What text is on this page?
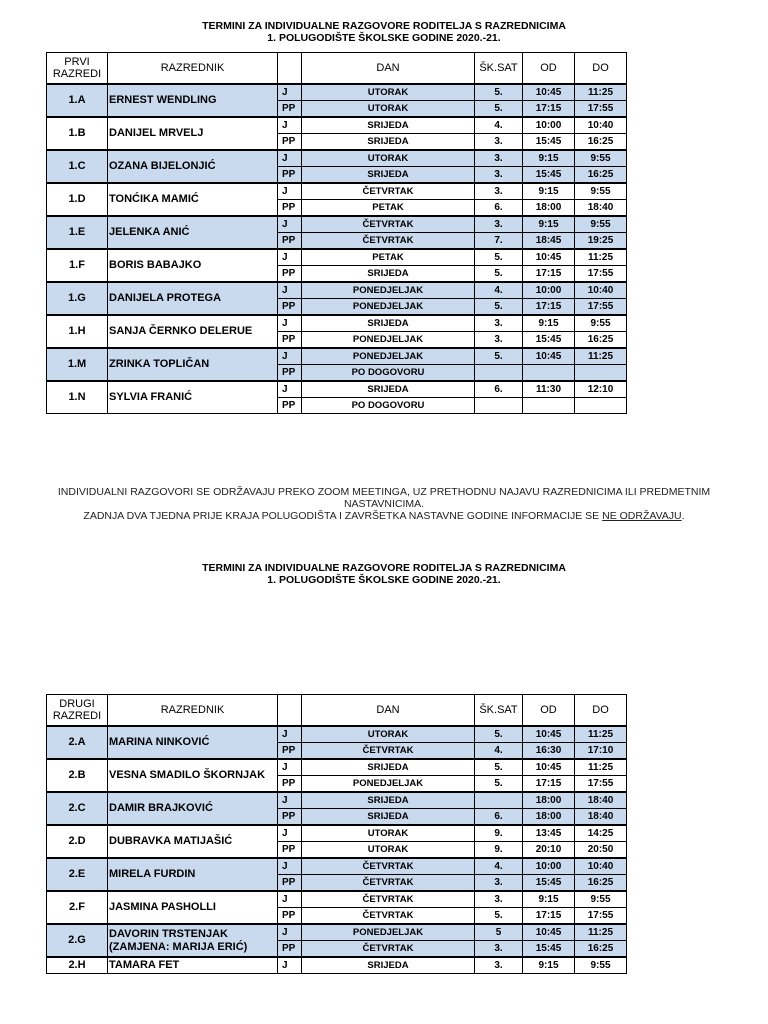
TERMINI ZA INDIVIDUALNE RAZGOVORE RODITELJA S RAZREDNICIMA
1. POLUGODIŠTE ŠKOLSKE GODINE 2020.-21.
PRVI
RAZREDI	RAZREDNIK		DAN	ŠK.SAT	OD	DO
1.A	ERNEST WENDLING	J	UTORAK	5.	10:45	11:25
		PP	UTORAK	5.	17:15	17:55
1.B	DANIJEL MRVELJ	J	SRIJEDA	4.	10:00	10:40
		PP	SRIJEDA	3.	15:45	16:25
1.C	OZANA BIJELONJIĆ	J	UTORAK	3.	9:15	9:55
		PP	SRIJEDA	3.	15:45	16:25
1.D	TONĆIKA MAMIĆ	J	ČETVRTAK	3.	9:15	9:55
		PP	PETAK	6.	18:00	18:40
1.E	JELENKA ANIĆ	J	ČETVRTAK	3.	9:15	9:55
		PP	ČETVRTAK	7.	18:45	19:25
1.F	BORIS BABAJKO	J	PETAK	5.	10:45	11:25
		PP	SRIJEDA	5.	17:15	17:55
1.G	DANIJELA PROTEGA	J	PONEDJELJAK	4.	10:00	10:40
		PP	PONEDJELJAK	5.	17:15	17:55
1.H	SANJA ČERNKO DELERUE	J	SRIJEDA	3.	9:15	9:55
		PP	PONEDJELJAK	3.	15:45	16:25
1.M	ZRINKA TOPLIČAN	J	PONEDJELJAK	5.	10:45	11:25
		PP	PO DOGOVORU			
1.N	SYLVIA FRANIĆ	J	SRIJEDA	6.	11:30	12:10
		PP	PO DOGOVORU			
INDIVIDUALNI RAZGOVORI SE ODRŽAVAJU PREKO ZOOM MEETINGA, UZ PRETHODNU NAJAVU RAZREDNICIMA ILI PREDMETNIM NASTAVNICIMA.
ZADNJA DVA TJEDNA PRIJE KRAJA POLUGODIŠTA I ZAVRŠETKA NASTAVNE GODINE INFORMACIJE SE NE ODRŽAVAJU.
TERMINI ZA INDIVIDUALNE RAZGOVORE RODITELJA S RAZREDNICIMA
1. POLUGODIŠTE ŠKOLSKE GODINE 2020.-21.
DRUGI
RAZREDI	RAZREDNIK		DAN	ŠK.SAT	OD	DO
2.A	MARINA NINKOVIĆ	J	UTORAK	5.	10:45	11:25
		PP	ČETVRTAK	4.	16:30	17:10
2.B	VESNA SMADILO ŠKORNJAK	J	SRIJEDA	5.	10:45	11:25
		PP	PONEDJELJAK	5.	17:15	17:55
2.C	DAMIR BRAJKOVIĆ	J	SRIJEDA		18:00	18:40
		PP	SRIJEDA	6.	18:00	18:40
2.D	DUBRAVKA MATIJAŠIĆ	J	UTORAK	9.	13:45	14:25
		PP	UTORAK	9.	20:10	20:50
2.E	MIRELA FURDIN	J	ČETVRTAK	4.	10:00	10:40
		PP	ČETVRTAK	3.	15:45	16:25
2.F	JASMINA PASHOLLI	J	ČETVRTAK	3.	9:15	9:55
		PP	ČETVRTAK	5.	17:15	17:55
2.G	DAVORIN TRSTENJAK (ZAMJENA: MARIJA ERIĆ)	J	PONEDJELJAK	5	10:45	11:25
		PP	ČETVRTAK	3.	15:45	16:25
2.H	TAMARA FET	J	SRIJEDA	3.	9:15	9:55
